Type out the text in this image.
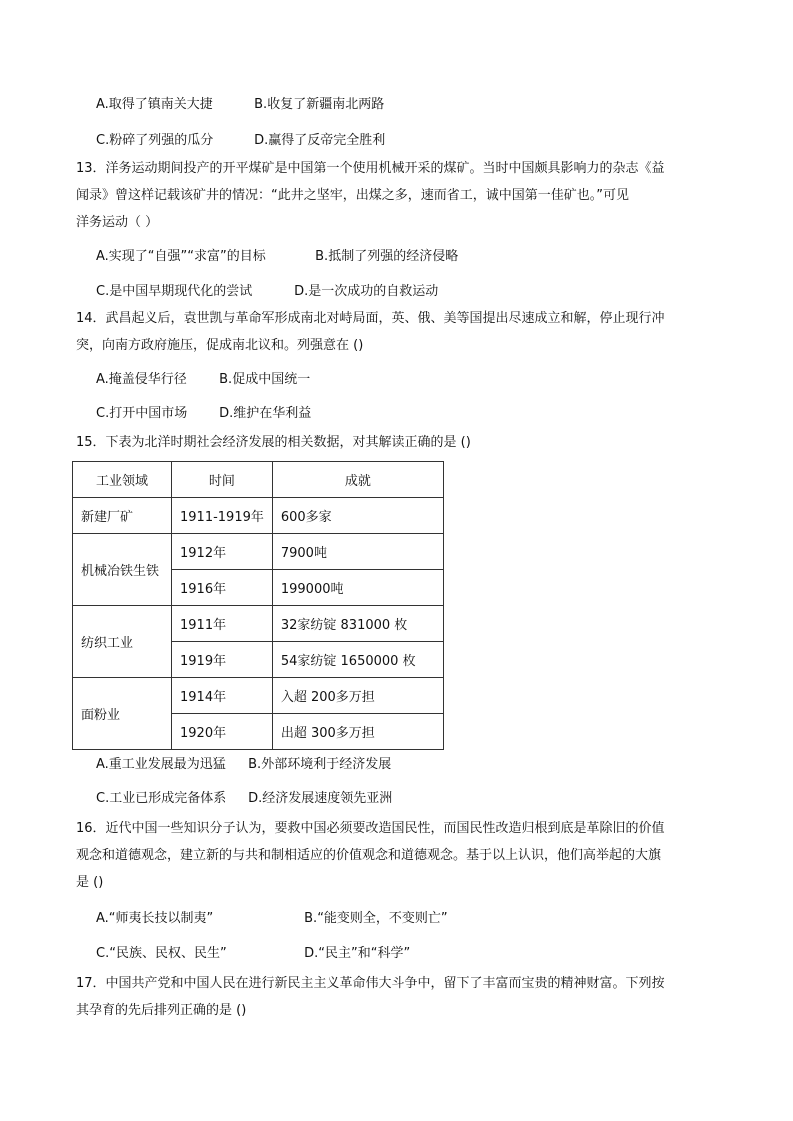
A.取得了镇南关大捷	B.收复了新疆南北两路
C.粉碎了列强的瓜分	D.赢得了反帝完全胜利
13．洋务运动期间投产的开平煤矿是中国第一个使用机械开采的煤矿。当时中国颇具影响力的杂志《益
闻录》曾这样记载该矿井的情况：“此井之坚牢，出煤之多，速而省工，诚中国第一佳矿也。”可见
洋务运动（ ）
A.实现了“自强”“求富”的目标	B.抵制了列强的经济侵略
C.是中国早期现代化的尝试	D.是一次成功的自救运动
14．武昌起义后，袁世凯与革命军形成南北对峙局面，英、俄、美等国提出尽速成立和解，停止现行冲
突，向南方政府施压，促成南北议和。列强意在 ()
A.掩盖侵华行径 B.促成中国统一
C.打开中国市场 D.维护在华利益
15．下表为北洋时期社会经济发展的相关数据，对其解读正确的是 ()
工业领域	时间	成就
新建厂矿	1911-1919年	600多家
机械冶铁生铁	1912年	7900吨
	1916年	199000吨
纺织工业	1911年	32家纺锭 831000 枚
	1919年	54家纺锭 1650000 枚
面粉业	1914年	入超 200多万担
	1920年	出超 300多万担
A.重工业发展最为迅猛 B.外部环境利于经济发展
C.工业已形成完备体系 D.经济发展速度领先亚洲
16．近代中国一些知识分子认为，要救中国必须要改造国民性，而国民性改造归根到底是革除旧的价值
观念和道德观念，建立新的与共和制相适应的价值观念和道德观念。基于以上认识，他们高举起的大旗
是 ()
A.“师夷长技以制夷”	B.“能变则全，不变则亡”
C.“民族、民权、民生”	D.“民主”和“科学”
17．中国共产党和中国人民在进行新民主主义革命伟大斗争中，留下了丰富而宝贵的精神财富。下列按
其孕育的先后排列正确的是 ()
